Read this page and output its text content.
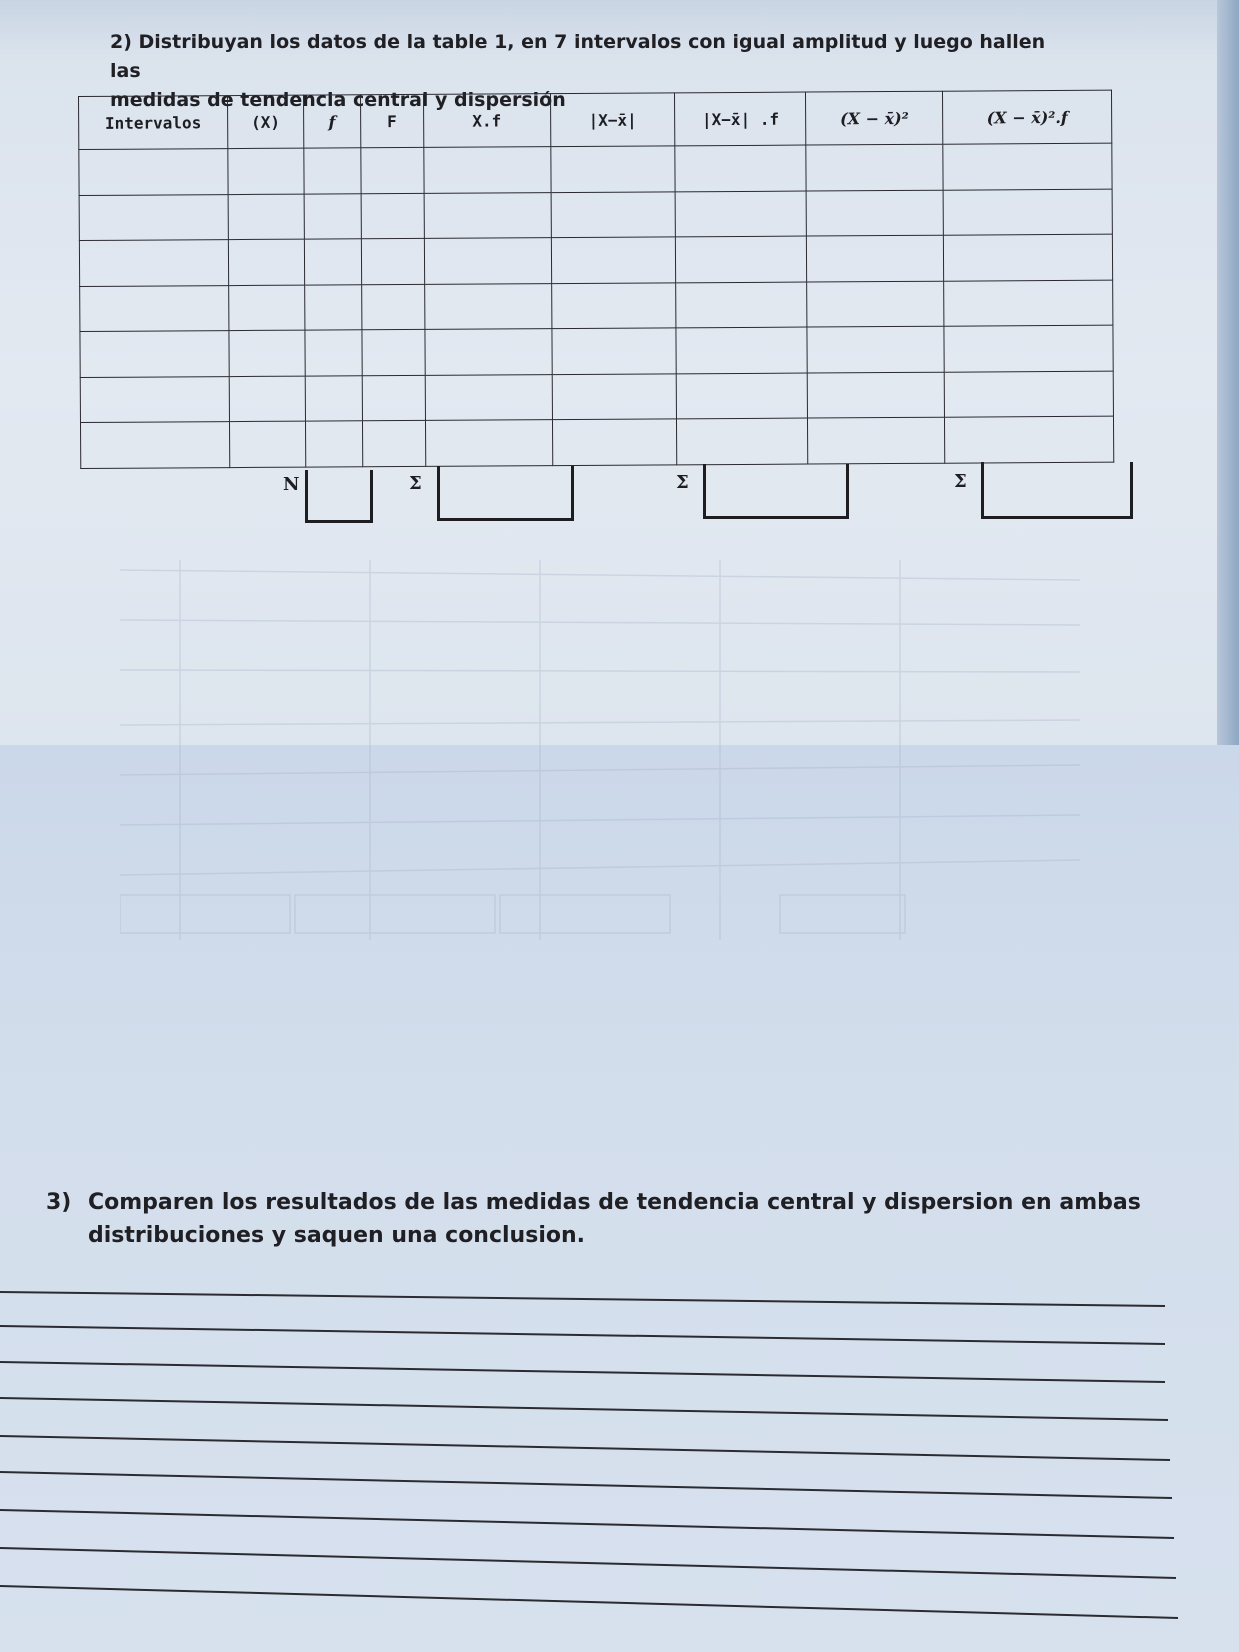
2) Distribuyan los datos de la table 1, en 7 intervalos con igual amplitud y luego hallen las
medidas de tendencia central y dispersión
Intervalos	(X)	f	F	X.f	|X−x̄|	|X−x̄| .f	(X − x̄)²	(X − x̄)².f

N	Σ	Σ	Σ
3) Comparen los resultados de las medidas de tendencia central y dispersion en ambas
distribuciones y saquen una conclusion.
